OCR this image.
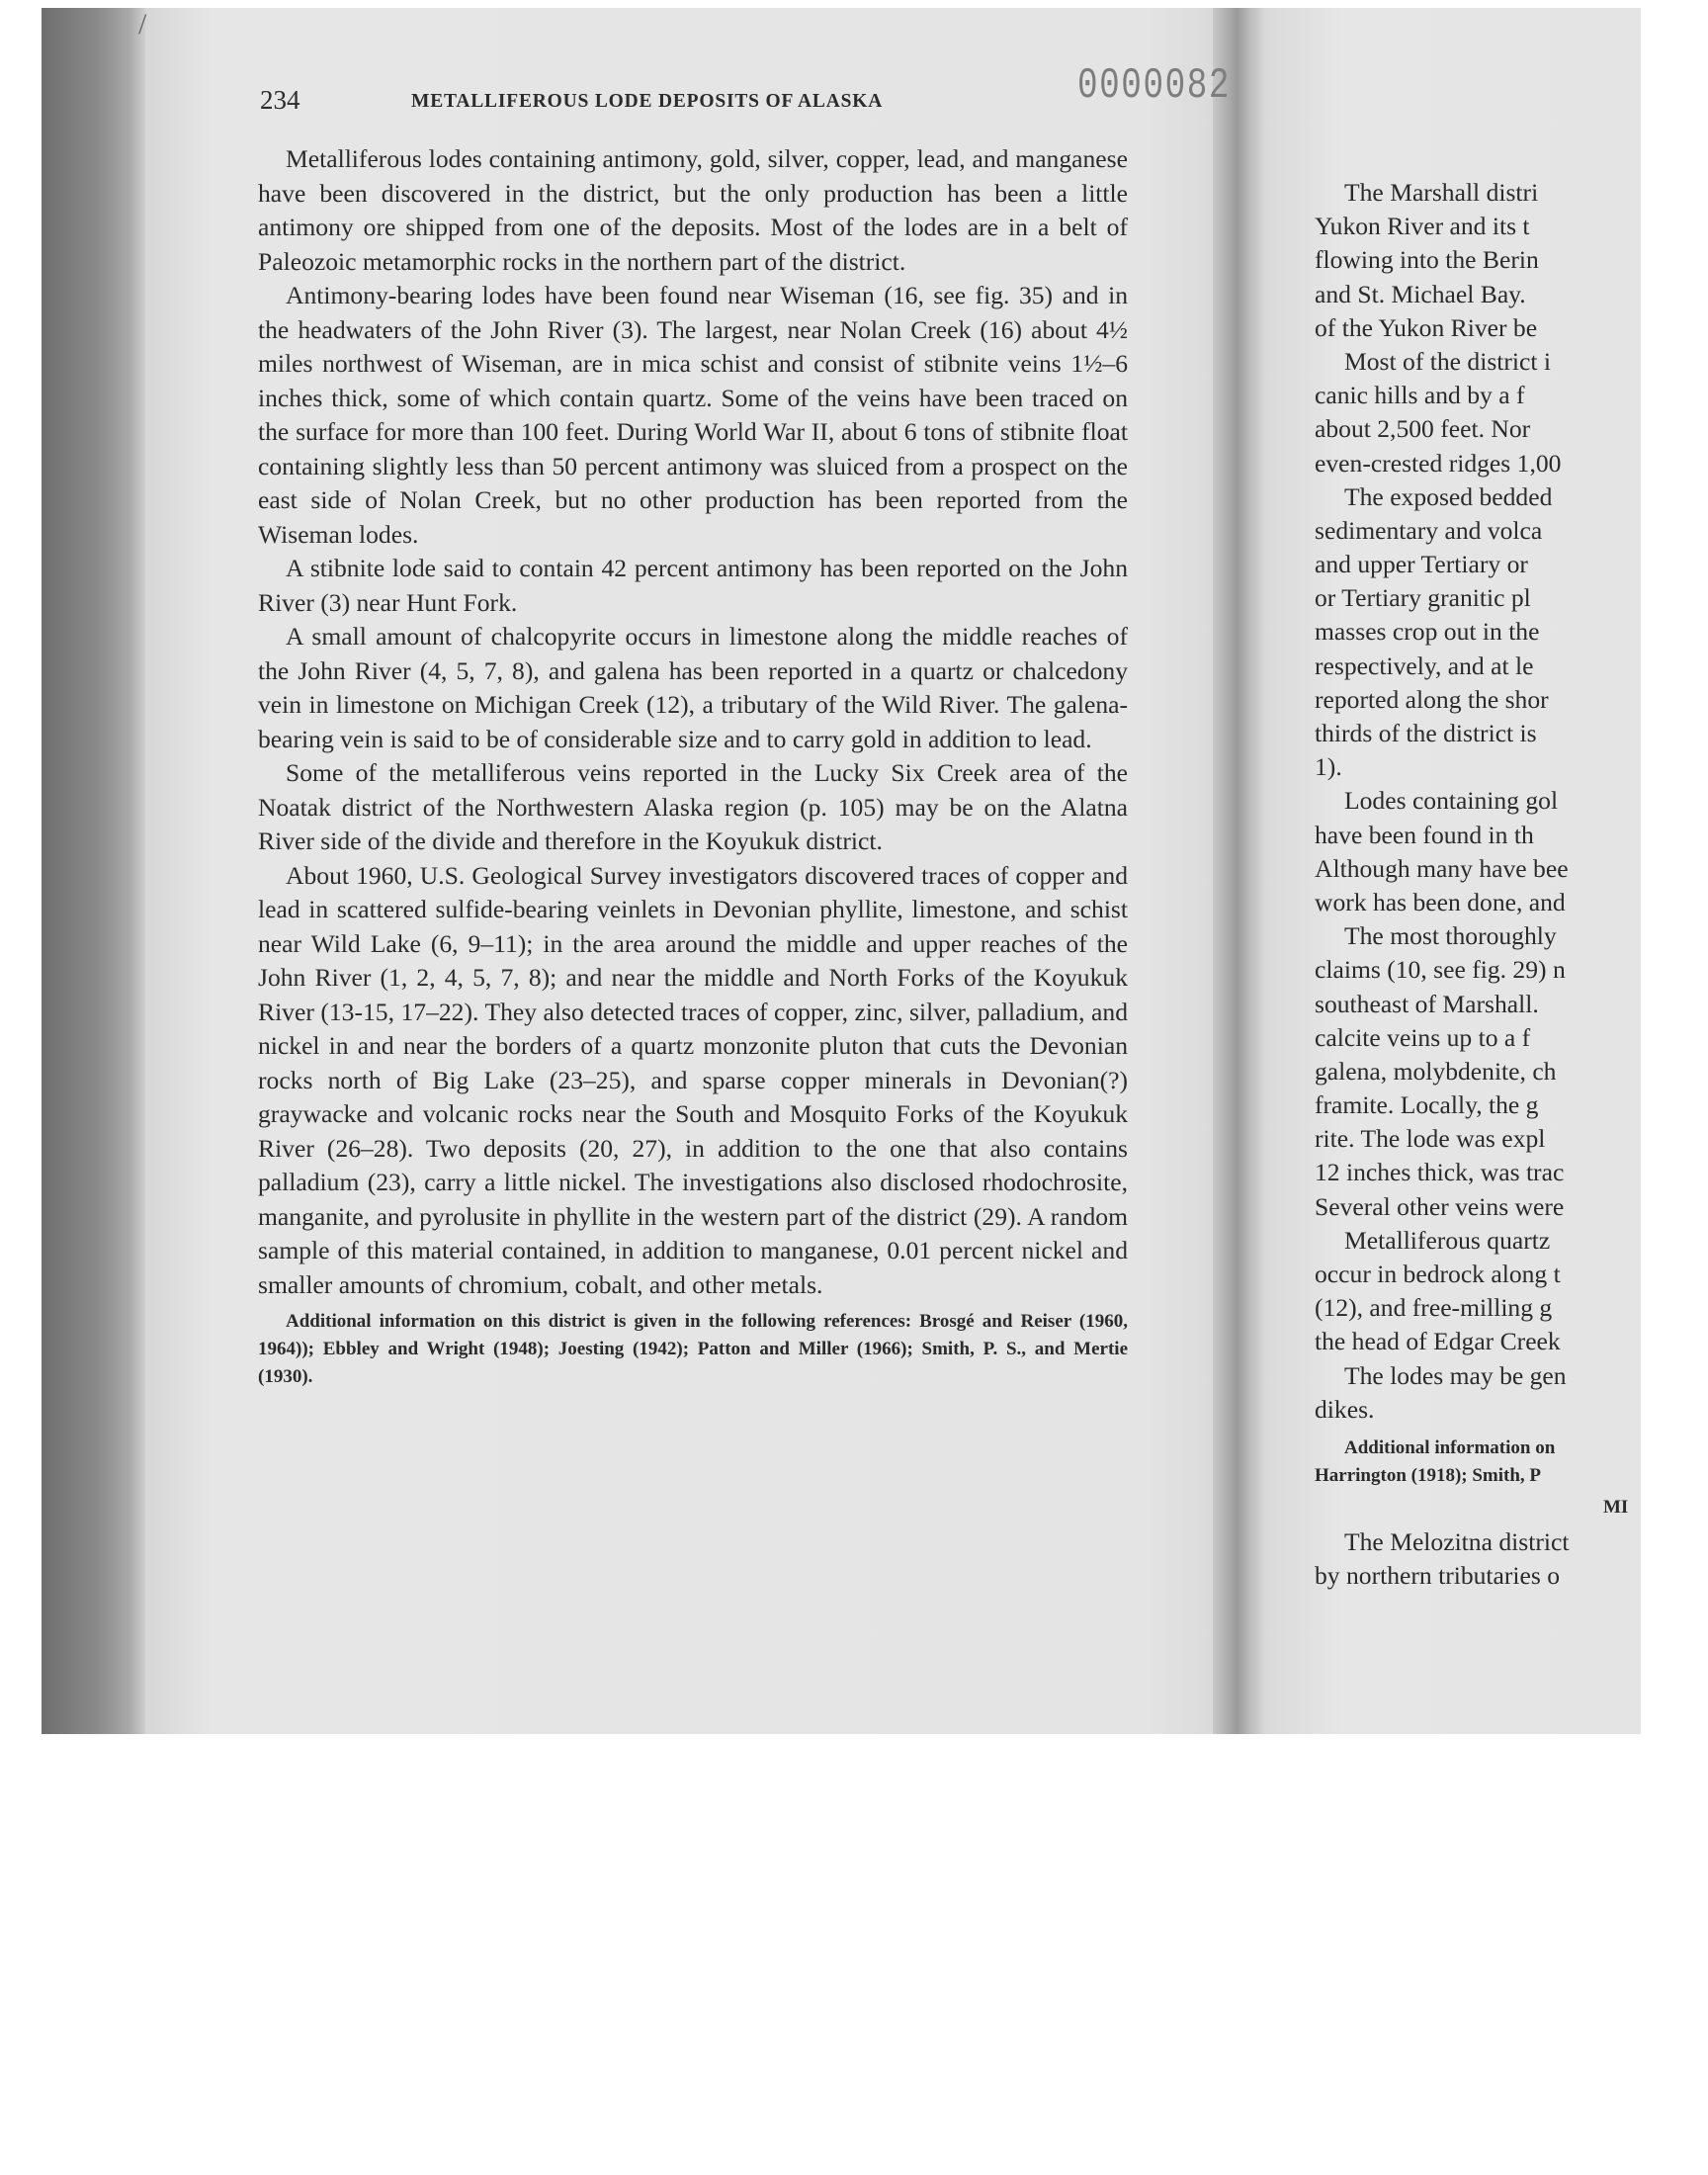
/
234	METALLIFEROUS LODE DEPOSITS OF ALASKA	0000082

Metalliferous lodes containing antimony, gold, silver, copper, lead, and manganese have been discovered in the district, but the only production has been a little antimony ore shipped from one of the deposits. Most of the lodes are in a belt of Paleozoic metamorphic rocks in the northern part of the district.

Antimony-bearing lodes have been found near Wiseman (16, see fig. 35) and in the headwaters of the John River (3). The largest, near Nolan Creek (16) about 4½ miles northwest of Wiseman, are in mica schist and consist of stibnite veins 1½–6 inches thick, some of which contain quartz. Some of the veins have been traced on the surface for more than 100 feet. During World War II, about 6 tons of stibnite float containing slightly less than 50 percent antimony was sluiced from a prospect on the east side of Nolan Creek, but no other production has been reported from the Wiseman lodes.

A stibnite lode said to contain 42 percent antimony has been reported on the John River (3) near Hunt Fork.

A small amount of chalcopyrite occurs in limestone along the middle reaches of the John River (4, 5, 7, 8), and galena has been reported in a quartz or chalcedony vein in limestone on Michigan Creek (12), a tributary of the Wild River. The galena-bearing vein is said to be of considerable size and to carry gold in addition to lead.

Some of the metalliferous veins reported in the Lucky Six Creek area of the Noatak district of the Northwestern Alaska region (p. 105) may be on the Alatna River side of the divide and therefore in the Koyukuk district.

About 1960, U.S. Geological Survey investigators discovered traces of copper and lead in scattered sulfide-bearing veinlets in Devonian phyllite, limestone, and schist near Wild Lake (6, 9–11); in the area around the middle and upper reaches of the John River (1, 2, 4, 5, 7, 8); and near the middle and North Forks of the Koyukuk River (13-15, 17–22). They also detected traces of copper, zinc, silver, palladium, and nickel in and near the borders of a quartz monzonite pluton that cuts the Devonian rocks north of Big Lake (23–25), and sparse copper minerals in Devonian(?) graywacke and volcanic rocks near the South and Mosquito Forks of the Koyukuk River (26–28). Two deposits (20, 27), in addition to the one that also contains palladium (23), carry a little nickel. The investigations also disclosed rhodochrosite, manganite, and pyrolusite in phyllite in the western part of the district (29). A random sample of this material contained, in addition to manganese, 0.01 percent nickel and smaller amounts of chromium, cobalt, and other metals.

Additional information on this district is given in the following references: Brosgé and Reiser (1960, 1964)); Ebbley and Wright (1948); Joesting (1942); Patton and Miller (1966); Smith, P. S., and Mertie (1930).
The Marshall distri
Yukon River and its t
flowing into the Berin
and St. Michael Bay.
of the Yukon River be
Most of the district i
canic hills and by a f
about 2,500 feet. Nor
even-crested ridges 1,00
The exposed bedded
sedimentary and volca
and upper Tertiary or
or Tertiary granitic pl
masses crop out in the
respectively, and at le
reported along the shor
thirds of the district is
1).
Lodes containing gol
have been found in th
Although many have bee
work has been done, and
The most thoroughly
claims (10, see fig. 29) n
southeast of Marshall.
calcite veins up to a f
galena, molybdenite, ch
framite. Locally, the g
rite. The lode was expl
12 inches thick, was trac
Several other veins were
Metalliferous quartz
occur in bedrock along t
(12), and free-milling g
the head of Edgar Creek
The lodes may be gen
dikes.
Additional information on
Harrington (1918); Smith, P
MI
The Melozitna district
by northern tributaries o
